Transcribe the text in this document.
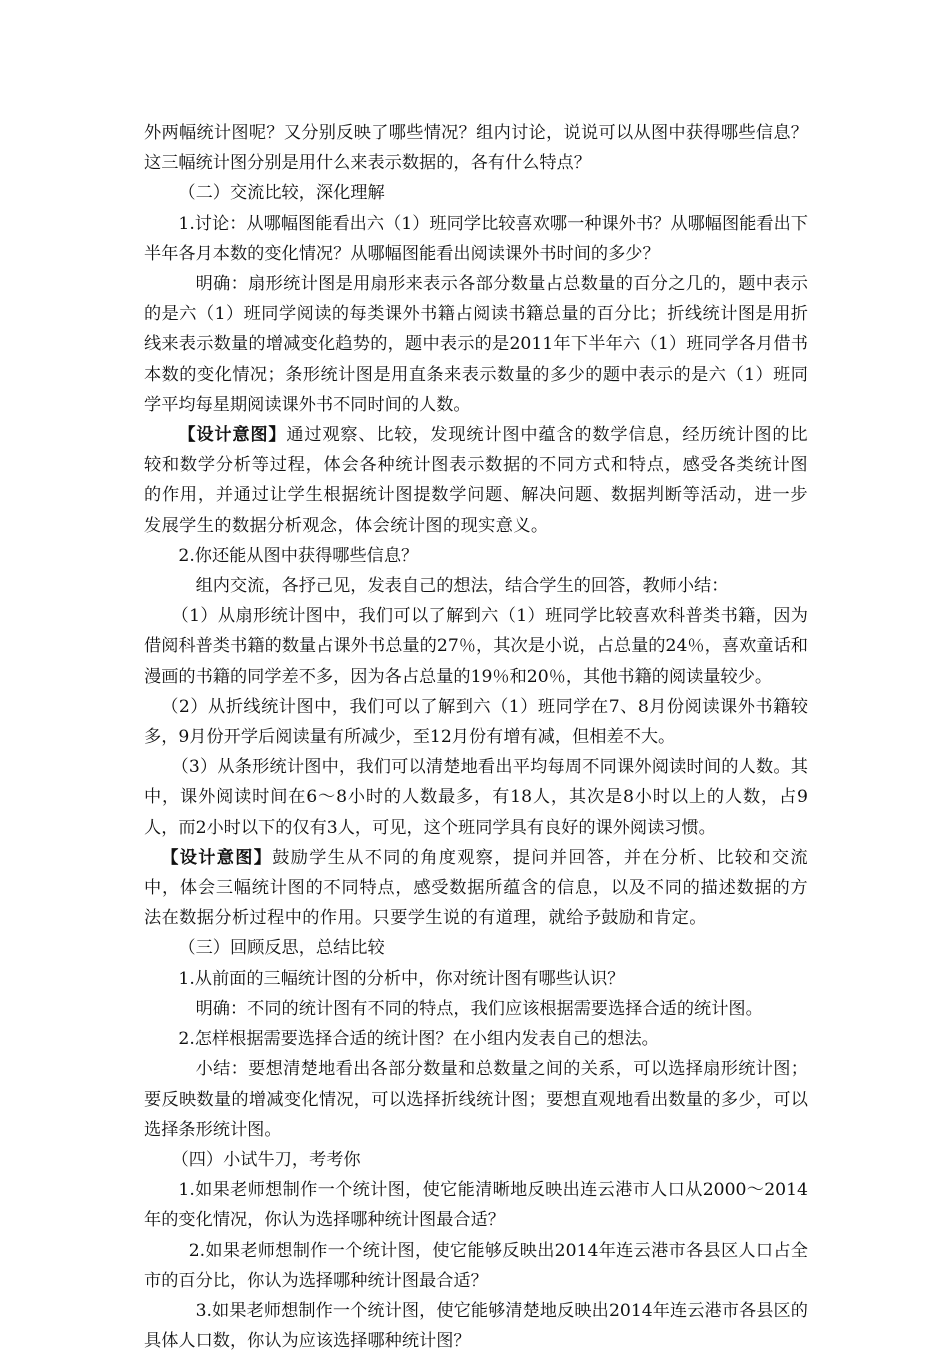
外两幅统计图呢？又分别反映了哪些情况？组内讨论，说说可以从图中获得哪些信息？这三幅统计图分别是用什么来表示数据的，各有什么特点？

（二）交流比较，深化理解

1.讨论：从哪幅图能看出六（1）班同学比较喜欢哪一种课外书？从哪幅图能看出下半年各月本数的变化情况？从哪幅图能看出阅读课外书时间的多少？

明确：扇形统计图是用扇形来表示各部分数量占总数量的百分之几的，题中表示的是六（1）班同学阅读的每类课外书籍占阅读书籍总量的百分比；折线统计图是用折线来表示数量的增减变化趋势的，题中表示的是2011年下半年六（1）班同学各月借书本数的变化情况；条形统计图是用直条来表示数量的多少的题中表示的是六（1）班同学平均每星期阅读课外书不同时间的人数。

【设计意图】通过观察、比较，发现统计图中蕴含的数学信息，经历统计图的比较和数学分析等过程，体会各种统计图表示数据的不同方式和特点，感受各类统计图的作用，并通过让学生根据统计图提数学问题、解决问题、数据判断等活动，进一步发展学生的数据分析观念，体会统计图的现实意义。

2.你还能从图中获得哪些信息？

组内交流，各抒己见，发表自己的想法，结合学生的回答，教师小结：

（1）从扇形统计图中，我们可以了解到六（1）班同学比较喜欢科普类书籍，因为借阅科普类书籍的数量占课外书总量的27％，其次是小说，占总量的24％，喜欢童话和漫画的书籍的同学差不多，因为各占总量的19％和20％，其他书籍的阅读量较少。

（2）从折线统计图中，我们可以了解到六（1）班同学在7、8月份阅读课外书籍较多，9月份开学后阅读量有所减少，至12月份有增有减，但相差不大。

（3）从条形统计图中，我们可以清楚地看出平均每周不同课外阅读时间的人数。其中，课外阅读时间在6～8小时的人数最多，有18人，其次是8小时以上的人数，占9人，而2小时以下的仅有3人，可见，这个班同学具有良好的课外阅读习惯。

【设计意图】鼓励学生从不同的角度观察，提问并回答，并在分析、比较和交流中，体会三幅统计图的不同特点，感受数据所蕴含的信息，以及不同的描述数据的方法在数据分析过程中的作用。只要学生说的有道理，就给予鼓励和肯定。

（三）回顾反思，总结比较

1.从前面的三幅统计图的分析中，你对统计图有哪些认识？

明确：不同的统计图有不同的特点，我们应该根据需要选择合适的统计图。

2.怎样根据需要选择合适的统计图？在小组内发表自己的想法。

小结：要想清楚地看出各部分数量和总数量之间的关系，可以选择扇形统计图；要反映数量的增减变化情况，可以选择折线统计图；要想直观地看出数量的多少，可以选择条形统计图。

（四）小试牛刀，考考你

1.如果老师想制作一个统计图，使它能清晰地反映出连云港市人口从2000～2014年的变化情况，你认为选择哪种统计图最合适？

2.如果老师想制作一个统计图，使它能够反映出2014年连云港市各县区人口占全市的百分比，你认为选择哪种统计图最合适？

3.如果老师想制作一个统计图，使它能够清楚地反映出2014年连云港市各县区的具体人口数，你认为应该选择哪种统计图？
